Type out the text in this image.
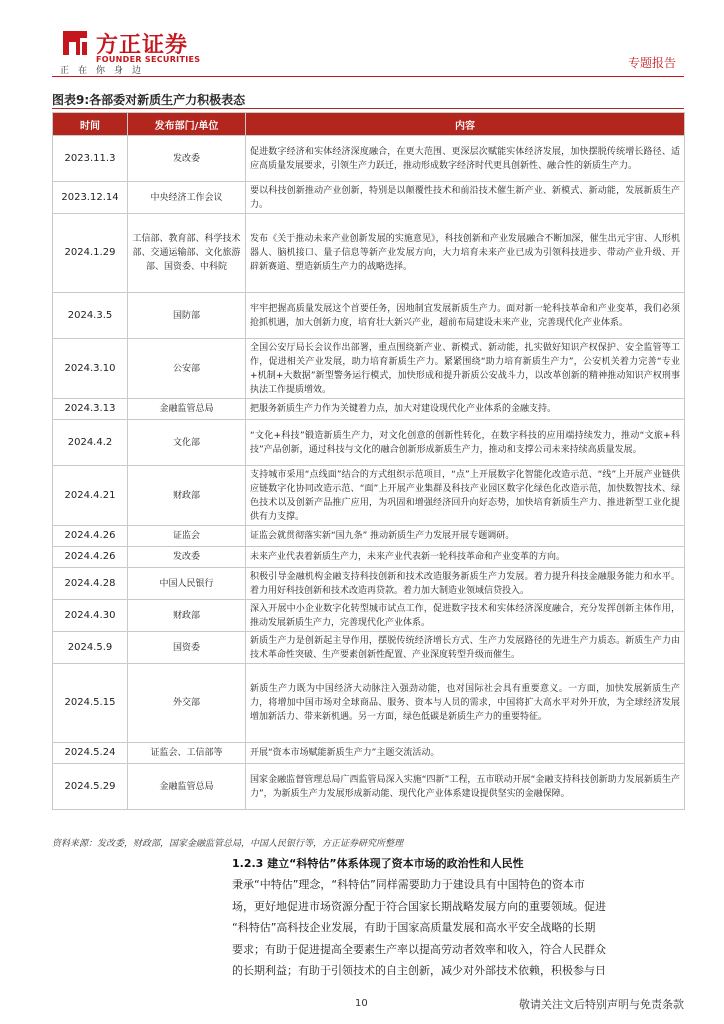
方正证券
FOUNDER SECURITIES
正在你身边
专题报告
图表9:各部委对新质生产力积极表态
时间	发布部门/单位	内容
2023.11.3	发改委	促进数字经济和实体经济深度融合，在更大范围、更深层次赋能实体经济发展，加快摆脱传统增长路径、适应高质量发展要求，引领生产力跃迁，推动形成数字经济时代更具创新性、融合性的新质生产力。
2023.12.14	中央经济工作会议	要以科技创新推动产业创新，特别是以颠覆性技术和前沿技术催生新产业、新模式、新动能，发展新质生产力。
2024.1.29	工信部、教育部、科学技术部、交通运输部、文化旅游部、国资委、中科院	发布《关于推动未来产业创新发展的实施意见》，科技创新和产业发展融合不断加深，催生出元宇宙、人形机器人、脑机接口、量子信息等新产业发展方向，大力培育未来产业已成为引领科技进步、带动产业升级、开辟新赛道、塑造新质生产力的战略选择。
2024.3.5	国防部	牢牢把握高质量发展这个首要任务，因地制宜发展新质生产力。面对新一轮科技革命和产业变革，我们必须抢抓机遇，加大创新力度，培育壮大新兴产业，超前布局建设未来产业，完善现代化产业体系。
2024.3.10	公安部	全国公安厅局长会议作出部署，重点围绕新产业、新模式、新动能，扎实做好知识产权保护、安全监管等工作，促进相关产业发展，助力培育新质生产力。紧紧围绕“助力培育新质生产力”，公安机关着力完善“专业+机制+大数据”新型警务运行模式，加快形成和提升新质公安战斗力，以改革创新的精神推动知识产权刑事执法工作提质增效。
2024.3.13	金融监管总局	把服务新质生产力作为关键着力点，加大对建设现代化产业体系的金融支持。
2024.4.2	文化部	“文化+科技”锻造新质生产力，对文化创意的创新性转化，在数字科技的应用端持续发力，推动“文旅+科技”产品创新，通过科技与文化的融合创新形成新质生产力，推动和支撑公司未来持续高质量发展。
2024.4.21	财政部	支持城市采用“点线面”结合的方式组织示范项目，“点”上开展数字化智能化改造示范、“线”上开展产业链供应链数字化协同改造示范、“面”上开展产业集群及科技产业园区数字化绿色化改造示范，加快数智技术、绿色技术以及创新产品推广应用，为巩固和增强经济回升向好态势，加快培育新质生产力、推进新型工业化提供有力支撑。
2024.4.26	证监会	证监会就贯彻落实新“国九条” 推动新质生产力发展开展专题调研。
2024.4.26	发改委	未来产业代表着新质生产力，未来产业代表新一轮科技革命和产业变革的方向。
2024.4.28	中国人民银行	积极引导金融机构金融支持科技创新和技术改造服务新质生产力发展。着力提升科技金融服务能力和水平。着力用好科技创新和技术改造再贷款。着力加大制造业领域信贷投入。
2024.4.30	财政部	深入开展中小企业数字化转型城市试点工作，促进数字技术和实体经济深度融合，充分发挥创新主体作用，推动发展新质生产力，完善现代化产业体系。
2024.5.9	国资委	新质生产力是创新起主导作用，摆脱传统经济增长方式、生产力发展路径的先进生产力质态。新质生产力由技术革命性突破、生产要素创新性配置、产业深度转型升级而催生。
2024.5.15	外交部	新质生产力既为中国经济大动脉注入强劲动能，也对国际社会具有重要意义。一方面，加快发展新质生产力，将增加中国市场对全球商品、服务、资本与人员的需求，中国将扩大高水平对外开放，为全球经济发展增加新活力、带来新机遇。另一方面，绿色低碳是新质生产力的重要特征。
2024.5.24	证监会、工信部等	开展“资本市场赋能新质生产力”主题交流活动。
2024.5.29	金融监管总局	国家金融监督管理总局广西监管局深入实施“四新”工程，五市联动开展“金融支持科技创新助力发展新质生产力”，为新质生产力发展形成新动能、现代化产业体系建设提供坚实的金融保障。
资料来源：发改委，财政部，国家金融监管总局，中国人民银行等，方正证券研究所整理
1.2.3 建立“科特估”体系体现了资本市场的政治性和人民性
秉承“中特估”理念，“科特估”同样需要助力于建设具有中国特色的资本市
场，更好地促进市场资源分配于符合国家长期战略发展方向的重要领域。促进
“科特估”高科技企业发展，有助于国家高质量发展和高水平安全战略的长期
要求；有助于促进提高全要素生产率以提高劳动者效率和收入，符合人民群众
的长期利益；有助于引领技术的自主创新，减少对外部技术依赖，积极参与日
10	敬请关注文后特别声明与免责条款
